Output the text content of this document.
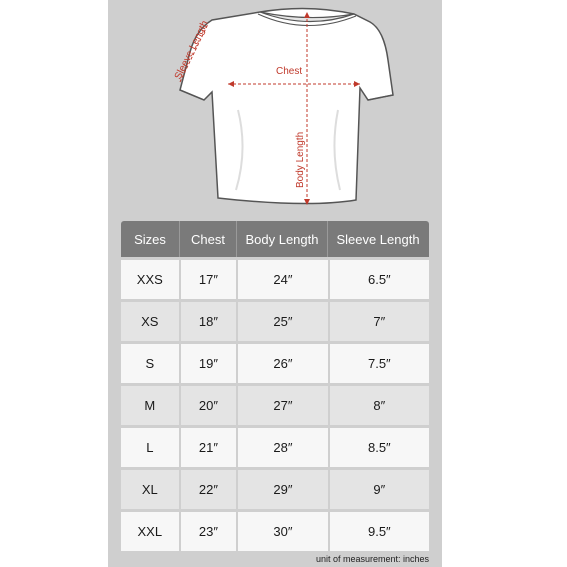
Sleeve Length	Chest
Body Length
Sizes	Chest	Body Length	Sleeve Length
XXS	17″	24″	6.5″
XS	18″	25″	7″
S	19″	26″	7.5″
M	20″	27″	8″
L	21″	28″	8.5″
XL	22″	29″	9″
XXL	23″	30″	9.5″
unit of measurement: inches
